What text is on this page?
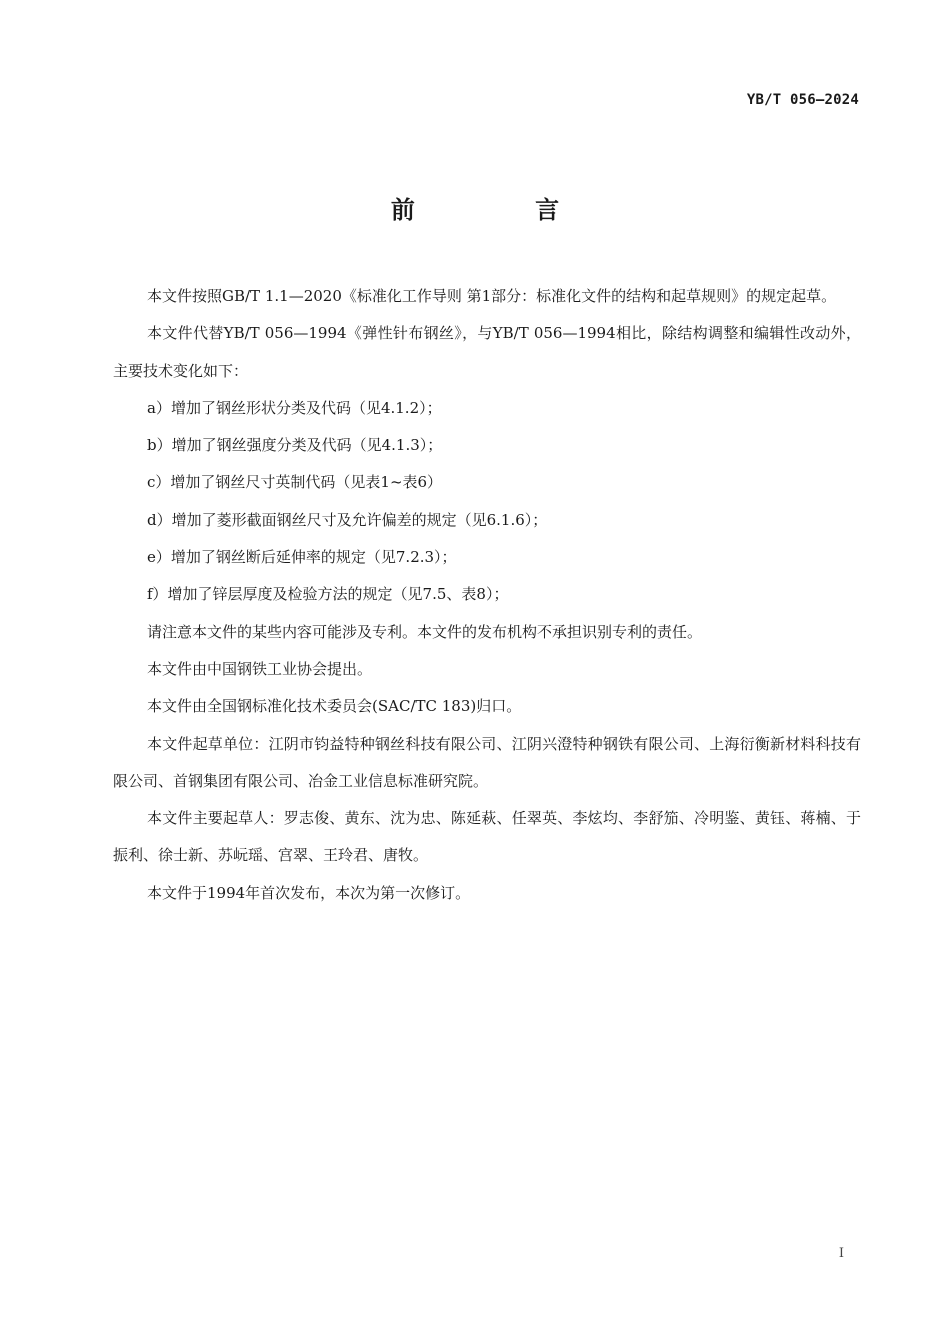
YB/T 056—2024
前 言

本文件按照GB/T 1.1—2020《标准化工作导则 第1部分：标准化文件的结构和起草规则》的规定起草。

本文件代替YB/T 056—1994《弹性针布钢丝》，与YB/T 056—1994相比，除结构调整和编辑性改动外，主要技术变化如下：

a）增加了钢丝形状分类及代码（见4.1.2）；

b）增加了钢丝强度分类及代码（见4.1.3）；

c）增加了钢丝尺寸英制代码（见表1~表6）

d）增加了菱形截面钢丝尺寸及允许偏差的规定（见6.1.6）；

e）增加了钢丝断后延伸率的规定（见7.2.3）；

f）增加了锌层厚度及检验方法的规定（见7.5、表8）；

请注意本文件的某些内容可能涉及专利。本文件的发布机构不承担识别专利的责任。

本文件由中国钢铁工业协会提出。

本文件由全国钢标准化技术委员会(SAC/TC 183)归口。

本文件起草单位：江阴市钧益特种钢丝科技有限公司、江阴兴澄特种钢铁有限公司、上海衍衡新材料科技有限公司、首钢集团有限公司、冶金工业信息标准研究院。

本文件主要起草人：罗志俊、黄东、沈为忠、陈延萩、任翠英、李炫均、李舒笳、冷明鉴、黄钰、蒋楠、于振利、徐士新、苏岏瑶、宫翠、王玲君、唐牧。

本文件于1994年首次发布，本次为第一次修订。

I
